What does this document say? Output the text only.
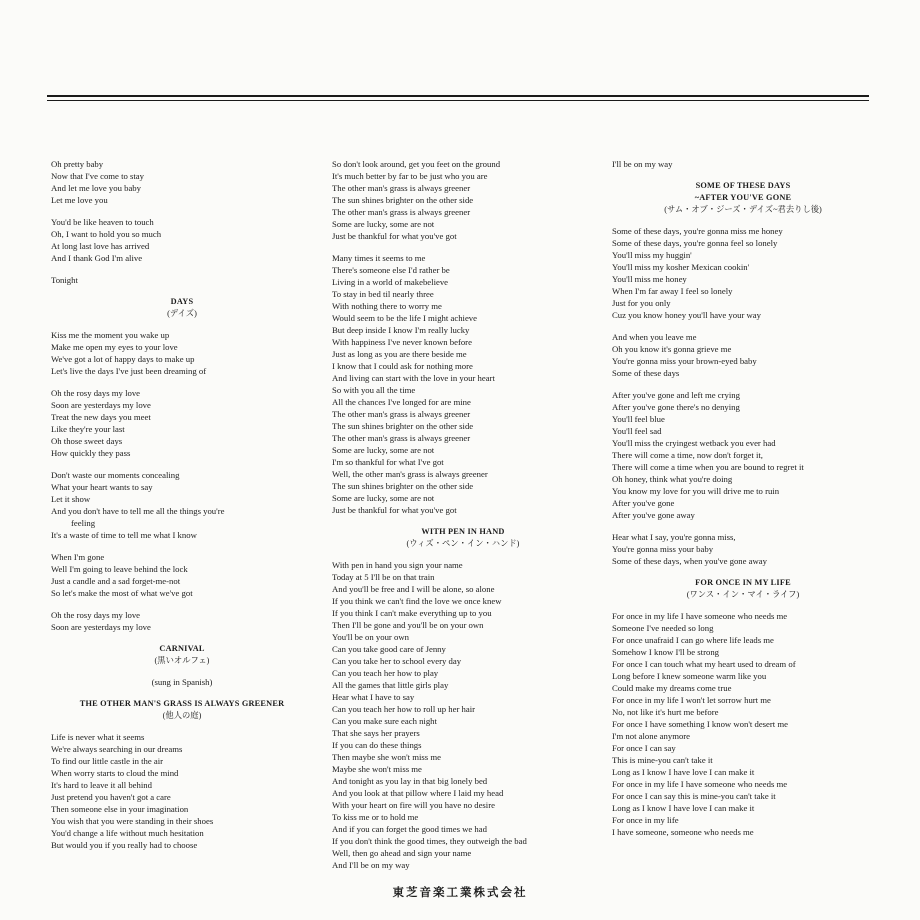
Oh pretty baby
Now that I've come to stay
And let me love you baby
Let me love you
You'd be like heaven to touch
Oh, I want to hold you so much
At long last love has arrived
And I thank God I'm alive
Tonight
DAYS
(デイズ)
Kiss me the moment you wake up
Make me open my eyes to your love
We've got a lot of happy days to make up
Let's live the days I've just been dreaming of
Oh the rosy days my love
Soon are yesterdays my love
Treat the new days you meet
Like they're your last
Oh those sweet days
How quickly they pass
Don't waste our moments concealing
What your heart wants to say
Let it show
And you don't have to tell me all the things you're
feeling
It's a waste of time to tell me what I know
When I'm gone
Well I'm going to leave behind the lock
Just a candle and a sad forget-me-not
So let's make the most of what we've got
Oh the rosy days my love
Soon are yesterdays my love
CARNIVAL
(黒いオルフェ)
(sung in Spanish)
THE OTHER MAN'S GRASS IS ALWAYS GREENER
(他人の庭)
Life is never what it seems
We're always searching in our dreams
To find our little castle in the air
When worry starts to cloud the mind
It's hard to leave it all behind
Just pretend you haven't got a care
Then someone else in your imagination
You wish that you were standing in their shoes
You'd change a life without much hesitation
But would you if you really had to choose
So don't look around, get you feet on the ground
It's much better by far to be just who you are
The other man's grass is always greener
The sun shines brighter on the other side
The other man's grass is always greener
Some are lucky, some are not
Just be thankful for what you've got
Many times it seems to me
There's someone else I'd rather be
Living in a world of makebelieve
To stay in bed til nearly three
With nothing there to worry me
Would seem to be the life I might achieve
But deep inside I know I'm really lucky
With happiness I've never known before
Just as long as you are there beside me
I know that I could ask for nothing more
And living can start with the love in your heart
So with you all the time
All the chances I've longed for are mine
The other man's grass is always greener
The sun shines brighter on the other side
The other man's grass is always greener
Some are lucky, some are not
I'm so thankful for what I've got
Well, the other man's grass is always greener
The sun shines brighter on the other side
Some are lucky, some are not
Just be thankful for what you've got
WITH PEN IN HAND
(ウィズ・ペン・イン・ハンド)
With pen in hand you sign your name
Today at 5 I'll be on that train
And you'll be free and I will be alone, so alone
If you think we can't find the love we once knew
If you think I can't make everything up to you
Then I'll be gone and you'll be on your own
You'll be on your own
Can you take good care of Jenny
Can you take her to school every day
Can you teach her how to play
All the games that little girls play
Hear what I have to say
Can you teach her how to roll up her hair
Can you make sure each night
That she says her prayers
If you can do these things
Then maybe she won't miss me
Maybe she won't miss me
And tonight as you lay in that big lonely bed
And you look at that pillow where I laid my head
With your heart on fire will you have no desire
To kiss me or to hold me
And if you can forget the good times we had
If you don't think the good times, they outweigh the bad
Well, then go ahead and sign your name
And I'll be on my way
I'll be on my way
SOME OF THESE DAYS
~AFTER YOU'VE GONE
(サム・オブ・ジーズ・デイズ~君去りし後)
Some of these days, you're gonna miss me honey
Some of these days, you're gonna feel so lonely
You'll miss my huggin'
You'll miss my kosher Mexican cookin'
You'll miss me honey
When I'm far away I feel so lonely
Just for you only
Cuz you know honey you'll have your way
And when you leave me
Oh you know it's gonna grieve me
You're gonna miss your brown-eyed baby
Some of these days
After you've gone and left me crying
After you've gone there's no denying
You'll feel blue
You'll feel sad
You'll miss the cryingest wetback you ever had
There will come a time, now don't forget it,
There will come a time when you are bound to regret it
Oh honey, think what you're doing
You know my love for you will drive me to ruin
After you've gone
After you've gone away
Hear what I say, you're gonna miss,
You're gonna miss your baby
Some of these days, when you've gone away
FOR ONCE IN MY LIFE
(ワンス・イン・マイ・ライフ)
For once in my life I have someone who needs me
Someone I've needed so long
For once unafraid I can go where life leads me
Somehow I know I'll be strong
For once I can touch what my heart used to dream of
Long before I knew someone warm like you
Could make my dreams come true
For once in my life I won't let sorrow hurt me
No, not like it's hurt me before
For once I have something I know won't desert me
I'm not alone anymore
For once I can say
This is mine-you can't take it
Long as I know I have love I can make it
For once in my life I have someone who needs me
For once I can say this is mine-you can't take it
Long as I know I have love I can make it
For once in my life
I have someone, someone who needs me
東芝音楽工業株式会社
